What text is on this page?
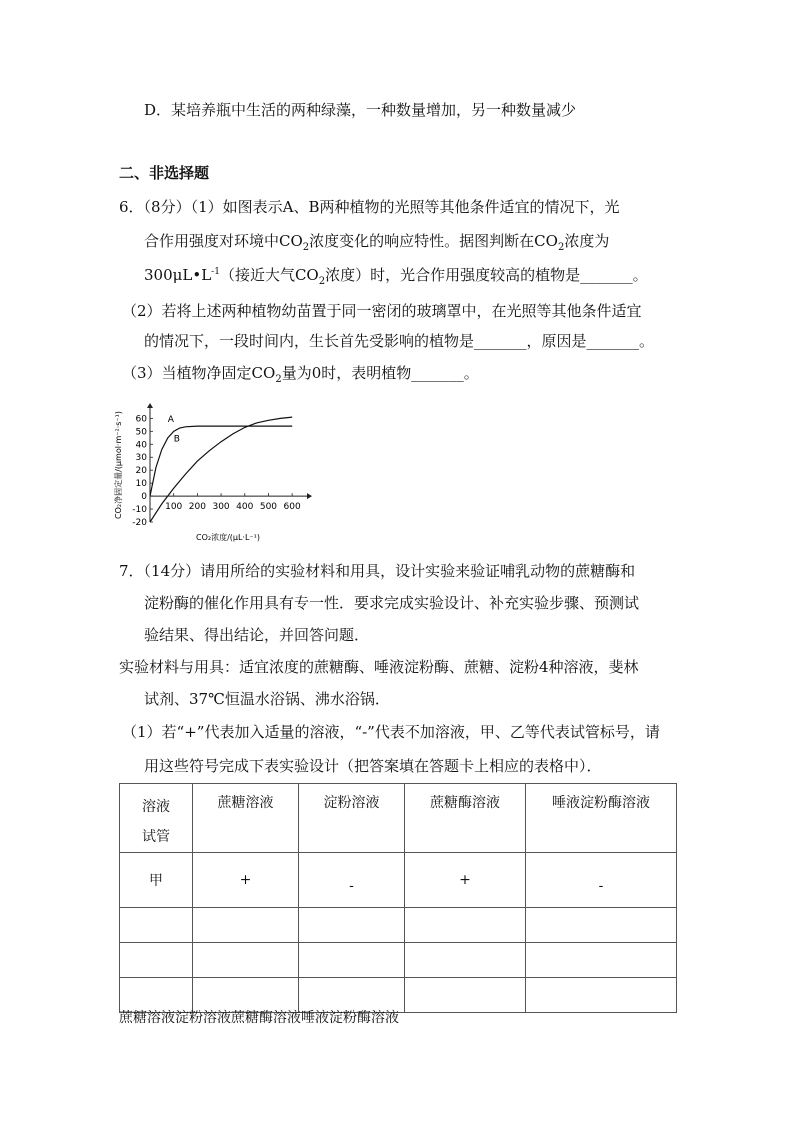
D．某培养瓶中生活的两种绿藻，一种数量增加，另一种数量减少
二、非选择题
6．（8分）（1）如图表示A、B两种植物的光照等其他条件适宜的情况下，光
合作用强度对环境中$CO_2$浓度变化的响应特性。据图判断在$CO_2$浓度为
$300\mu L•L^{-1}$（接近大气$CO_2$浓度）时，光合作用强度较高的植物是_______。
（2）若将上述两种植物幼苗置于同一密闭的玻璃罩中，在光照等其他条件适宜
的情况下，一段时间内，生长首先受影响的植物是_______，原因是_______。
（3）当植物净固定$CO_2$量为0时，表明植物_______。
60
50
40
30
20
10
0
-10
-20
100 200 300 400 500 600
A
B
CO₂浓度/(μL·L⁻¹)
CO₂净固定量/(μmol·m⁻²·s⁻¹)
7．（14分）请用所给的实验材料和用具，设计实验来验证哺乳动物的蔗糖酶和
淀粉酶的催化作用具有专一性．要求完成实验设计、补充实验步骤、预测试
验结果、得出结论，并回答问题．
实验材料与用具：适宜浓度的蔗糖酶、唾液淀粉酶、蔗糖、淀粉4种溶液，斐林
试剂、37℃恒温水浴锅、沸水浴锅．
（1）若“+”代表加入适量的溶液，“-”代表不加溶液，甲、乙等代表试管标号，请
用这些符号完成下表实验设计（把答案填在答题卡上相应的表格中）．
溶液
试管	蔗糖溶液	淀粉溶液	蔗糖酶溶液	唾液淀粉酶溶液
甲	+	-	+	-

蔗糖溶液淀粉溶液蔗糖酶溶液唾液淀粉酶溶液
